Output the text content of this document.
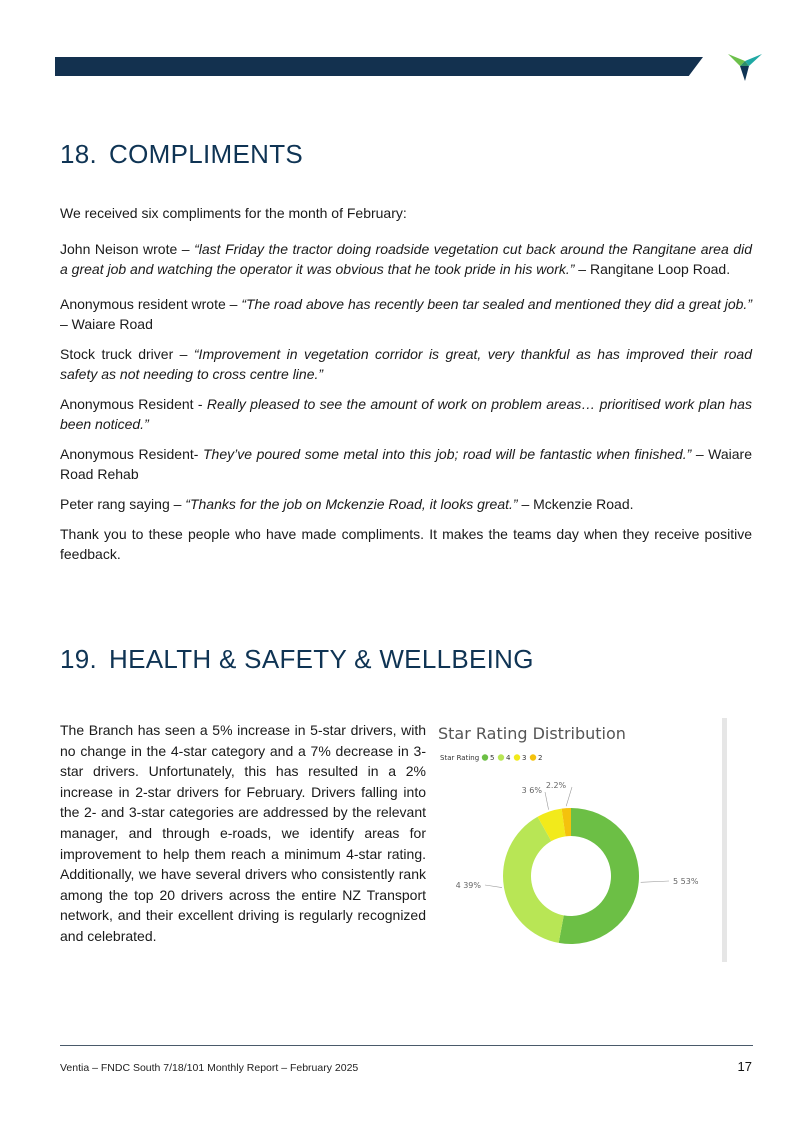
18. COMPLIMENTS

We received six compliments for the month of February:

John Neison wrote – “last Friday the tractor doing roadside vegetation cut back around the Rangitane area did a great job and watching the operator it was obvious that he took pride in his work.” – Rangitane Loop Road.

Anonymous resident wrote – “The road above has recently been tar sealed and mentioned they did a great job.” – Waiare Road

Stock truck driver – “Improvement in vegetation corridor is great, very thankful as has improved their road safety as not needing to cross centre line.”

Anonymous Resident - Really pleased to see the amount of work on problem areas… prioritised work plan has been noticed.”

Anonymous Resident- They’ve poured some metal into this job; road will be fantastic when finished.” – Waiare Road Rehab

Peter rang saying – “Thanks for the job on Mckenzie Road, it looks great.” – Mckenzie Road.

Thank you to these people who have made compliments. It makes the teams day when they receive positive feedback.

19. HEALTH & SAFETY & WELLBEING

The Branch has seen a 5% increase in 5-star drivers, with no change in the 4-star category and a 7% decrease in 3-star drivers. Unfortunately, this has resulted in a 2% increase in 2-star drivers for February. Drivers falling into the 2- and 3-star categories are addressed by the relevant manager, and through e-roads, we identify areas for improvement to help them reach a minimum 4-star rating. Additionally, we have several drivers who consistently rank among the top 20 drivers across the entire NZ Transport network, and their excellent driving is regularly recognized and celebrated.

Star Rating Distribution
Star Rating 5 4 3 2
5 53%
4 39%
3 6%
2.2%
Ventia – FNDC South 7/18/101 Monthly Report – February 2025	17
